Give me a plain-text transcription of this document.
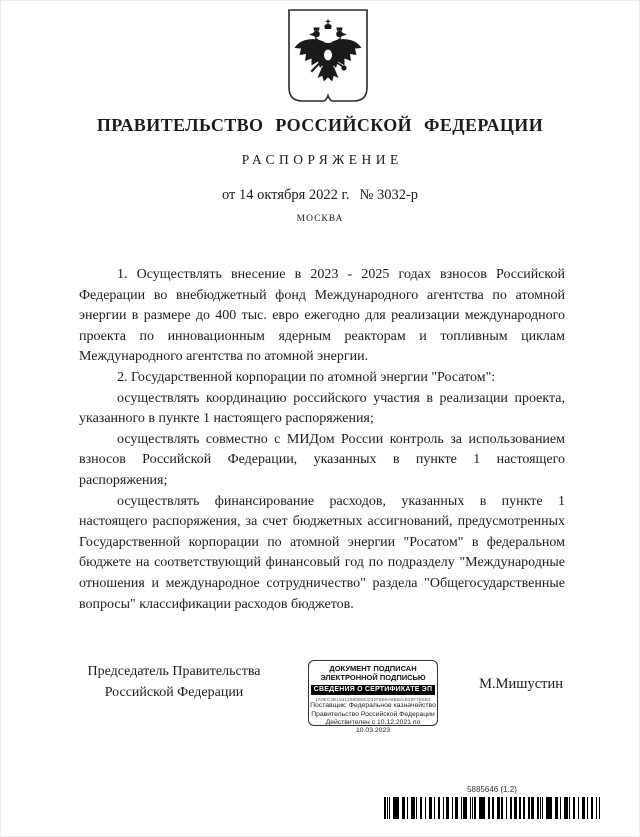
ПРАВИТЕЛЬСТВО РОССИЙСКОЙ ФЕДЕРАЦИИ
РАСПОРЯЖЕНИЕ
от 14 октября 2022 г. № 3032-р
МОСКВА

1. Осуществлять внесение в 2023 - 2025 годах взносов Российской Федерации во внебюджетный фонд Международного агентства по атомной энергии в размере до 400 тыс. евро ежегодно для реализации международного проекта по инновационным ядерным реакторам и топливным циклам Международного агентства по атомной энергии.

2. Государственной корпорации по атомной энергии "Росатом":

осуществлять координацию российского участия в реализации проекта, указанного в пункте 1 настоящего распоряжения;

осуществлять совместно с МИДом России контроль за использованием взносов Российской Федерации, указанных в пункте 1 настоящего распоряжения;

осуществлять финансирование расходов, указанных в пункте 1 настоящего распоряжения, за счет бюджетных ассигнований, предусмотренных Государственной корпорации по атомной энергии "Росатом" в федеральном бюджете на соответствующий финансовый год по подразделу "Международные отношения и международное сотрудничество" раздела "Общегосударственные вопросы" классификации расходов бюджетов.

Председатель Правительства
Российской Федерации
ДОКУМЕНТ ПОДПИСАН
ЭЛЕКТРОННОЙ ПОДПИСЬЮ
СВЕДЕНИЯ О СЕРТИФИКАТЕ ЭП
1A9EC2B19412980B8CD32F6E9A8BBA/B29F7E5B3
Поставщик: Федеральное казначейство
Правительство Российской Федерации
Действителен с 10.12.2021 по 10.03.2023
М.Мишустин
5885646 (1.2)
